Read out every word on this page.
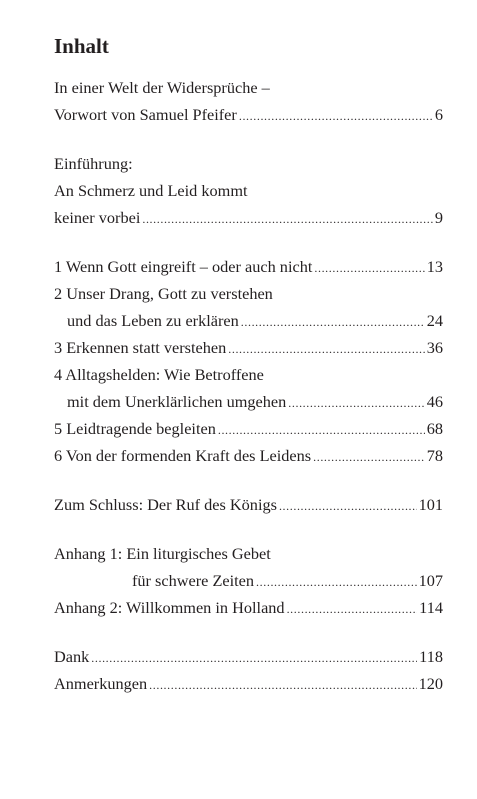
Inhalt
In einer Welt der Widersprüche –
Vorwort von Samuel Pfeifer . . .	6
Einführung:
An Schmerz und Leid kommt
keiner vorbei . . .	9
1 Wenn Gott eingreift – oder auch nicht . . .	13
2 Unser Drang, Gott zu verstehen
und das Leben zu erklären . . .	24
3 Erkennen statt verstehen . . .	36
4 Alltagshelden: Wie Betroffene
mit dem Unerklärlichen umgehen . . .	46
5 Leidtragende begleiten . . .	68
6 Von der formenden Kraft des Leidens . . .	78
Zum Schluss: Der Ruf des Königs . . .	101
Anhang 1: Ein liturgisches Gebet
für schwere Zeiten . . .	107
Anhang 2: Willkommen in Holland . . .	114
Dank . . .	118
Anmerkungen . . .	120
